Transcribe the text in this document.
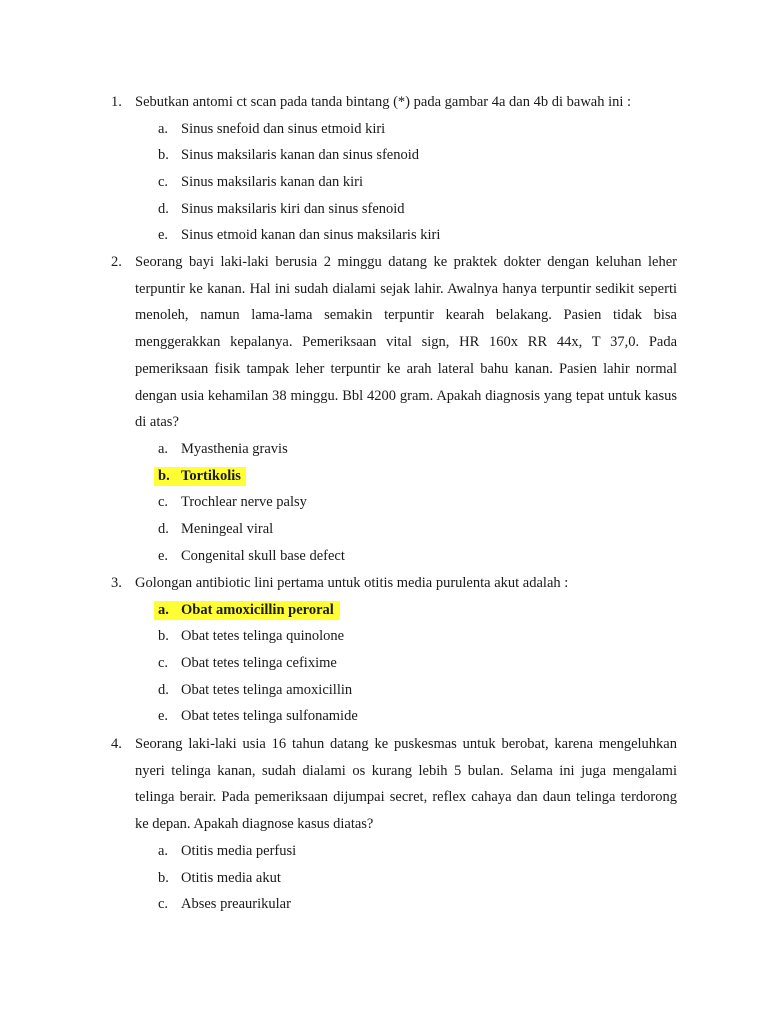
1. Sebutkan antomi ct scan pada tanda bintang (*) pada gambar 4a dan 4b di bawah ini :

a. Sinus snefoid dan sinus etmoid kiri
b. Sinus maksilaris kanan dan sinus sfenoid
c. Sinus maksilaris kanan dan kiri
d. Sinus maksilaris kiri dan sinus sfenoid
e. Sinus etmoid kanan dan sinus maksilaris kiri
2. Seorang bayi laki-laki berusia 2 minggu datang ke praktek dokter dengan keluhan leher terpuntir ke kanan. Hal ini sudah dialami sejak lahir. Awalnya hanya terpuntir sedikit seperti menoleh, namun lama-lama semakin terpuntir kearah belakang. Pasien tidak bisa menggerakkan kepalanya. Pemeriksaan vital sign, HR 160x RR 44x, T 37,0. Pada pemeriksaan fisik tampak leher terpuntir ke arah lateral bahu kanan. Pasien lahir normal dengan usia kehamilan 38 minggu. Bbl 4200 gram. Apakah diagnosis yang tepat untuk kasus di atas?

a. Myasthenia gravis
b. Tortikolis
c. Trochlear nerve palsy
d. Meningeal viral
e. Congenital skull base defect
3. Golongan antibiotic lini pertama untuk otitis media purulenta akut adalah :

a. Obat amoxicillin peroral
b. Obat tetes telinga quinolone
c. Obat tetes telinga cefixime
d. Obat tetes telinga amoxicillin
e. Obat tetes telinga sulfonamide
4. Seorang laki-laki usia 16 tahun datang ke puskesmas untuk berobat, karena mengeluhkan nyeri telinga kanan, sudah dialami os kurang lebih 5 bulan. Selama ini juga mengalami telinga berair. Pada pemeriksaan dijumpai secret, reflex cahaya dan daun telinga terdorong ke depan. Apakah diagnose kasus diatas?

a. Otitis media perfusi
b. Otitis media akut
c. Abses preaurikular
